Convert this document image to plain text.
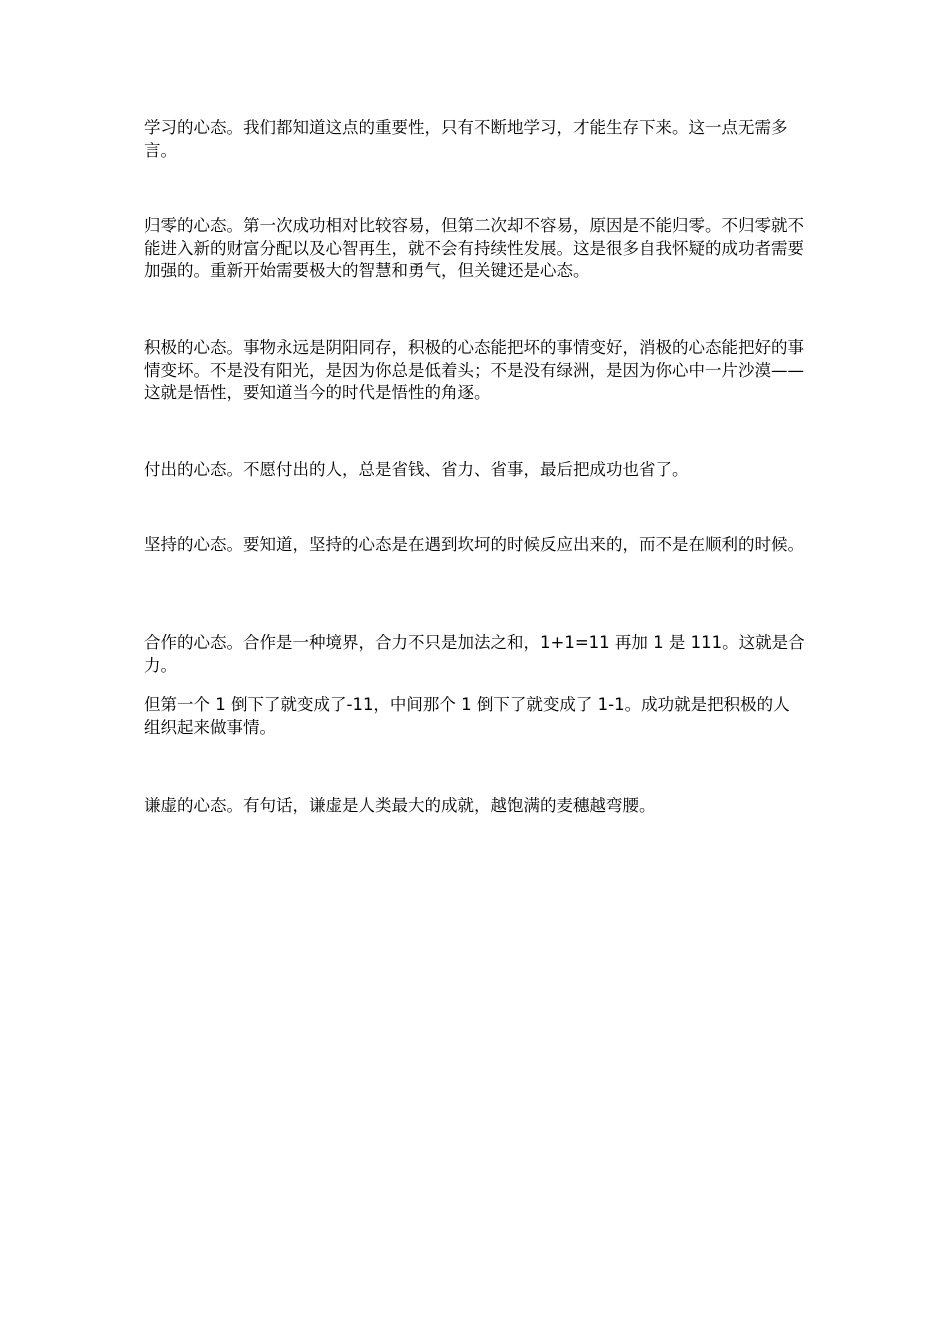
学习的心态。我们都知道这点的重要性，只有不断地学习，才能生存下来。这一点无需多言。

归零的心态。第一次成功相对比较容易，但第二次却不容易，原因是不能归零。不归零就不能进入新的财富分配以及心智再生，就不会有持续性发展。这是很多自我怀疑的成功者需要加强的。重新开始需要极大的智慧和勇气，但关键还是心态。

积极的心态。事物永远是阴阳同存，积极的心态能把坏的事情变好，消极的心态能把好的事情变坏。不是没有阳光，是因为你总是低着头；不是没有绿洲，是因为你心中一片沙漠——这就是悟性，要知道当今的时代是悟性的角逐。

付出的心态。不愿付出的人，总是省钱、省力、省事，最后把成功也省了。

坚持的心态。要知道，坚持的心态是在遇到坎坷的时候反应出来的，而不是在顺利的时候。

合作的心态。合作是一种境界，合力不只是加法之和，1+1=11 再加 1 是 111。这就是合力。

但第一个 1 倒下了就变成了-11，中间那个 1 倒下了就变成了 1-1。成功就是把积极的人组织起来做事情。

谦虚的心态。有句话，谦虚是人类最大的成就，越饱满的麦穗越弯腰。
